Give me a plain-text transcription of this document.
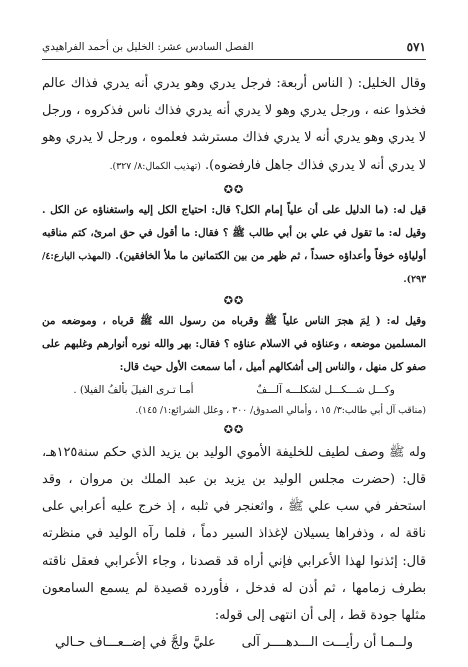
٥٧١
الفصل السادس عشر: الخليل بن أحمد الفراهيدي

وقال الخليل: ( الناس أربعة: فرجل يدري وهو يدري أنه يدري فذاك عالم فخذوا عنه ، ورجل يدري وهو لا يدري أنه يدري فذاك ناس فذكروه ، ورجل لا يدري وهو يدري أنه لا يدري فذاك مسترشد فعلموه ، ورجل لا يدري وهو لا يدري أنه لا يدري فذاك جاهل فارفضوه). (تهذيب الكمال:٨/ ٣٢٧).

✪✪

قيل له: (ما الدليل على أن علياً إمام الكل؟ قال: احتياج الكل إليه واستغناؤه عن الكل . وقيل له: ما تقول في علي بن أبي طالب ﷺ ؟ فقال: ما أقول في حق امرئ، كتم مناقبه أولياؤه خوفاً وأعداؤه حسداً ، ثم ظهر من بين الكتمانين ما ملأ الخافقين). (المهذب البارع:٤/ ٢٩٣).

✪✪

وقيل له: ( لِمَ هجرَ الناس علياً ﷺ وقرباه من رسول الله ﷺ قرباه ، وموضعه من المسلمين موضعه ، وعناؤه في الاسلام عناؤه ؟ فقال: بهر والله نوره أنوارهم وغلبهم على صفو كل منهل ، والناس إلى أشكالهم أميل ، أما سمعت الأول حيث قال:

وكـــل شـــكـــل لشكلـــه آلـــفٌ
أمـا تـرى الفيلَ بألفُ الفيلا) .

(مناقب آل أبي طالب:٣/ ١٥ ، وأمالي الصدوق/ ٣٠٠ ، وعلل الشرائع:١/ ١٤٥).

✪✪

وله ﷺ وصف لطيف للخليفة الأموي الوليد بن يزيد الذي حكم سنة١٢٥هـ، قال: (حضرت مجلس الوليد بن يزيد بن عبد الملك بن مروان ، وقد استحفر في سب علي ﷺ ، واثعنجر في ثلبه ، إذ خرج عليه أعرابي على ناقة له ، وذفراها يسيلان لإغذاذ السير دماً ، فلما رآه الوليد في منظرته قال: إئذنوا لهذا الأعرابي فإني أراه قد قصدنا ، وجاء الأعرابي فعقل ناقته بطرف زمامها ، ثم أذن له فدخل ، فأورده قصيدة لم يسمع السامعون مثلها جودة قط ، إلى أن انتهى إلى قوله:

ولــمـا أن رأيـــت الـــدهــــر آلى
عليَّ ولجَّ في إضــعـــاف حـالي
